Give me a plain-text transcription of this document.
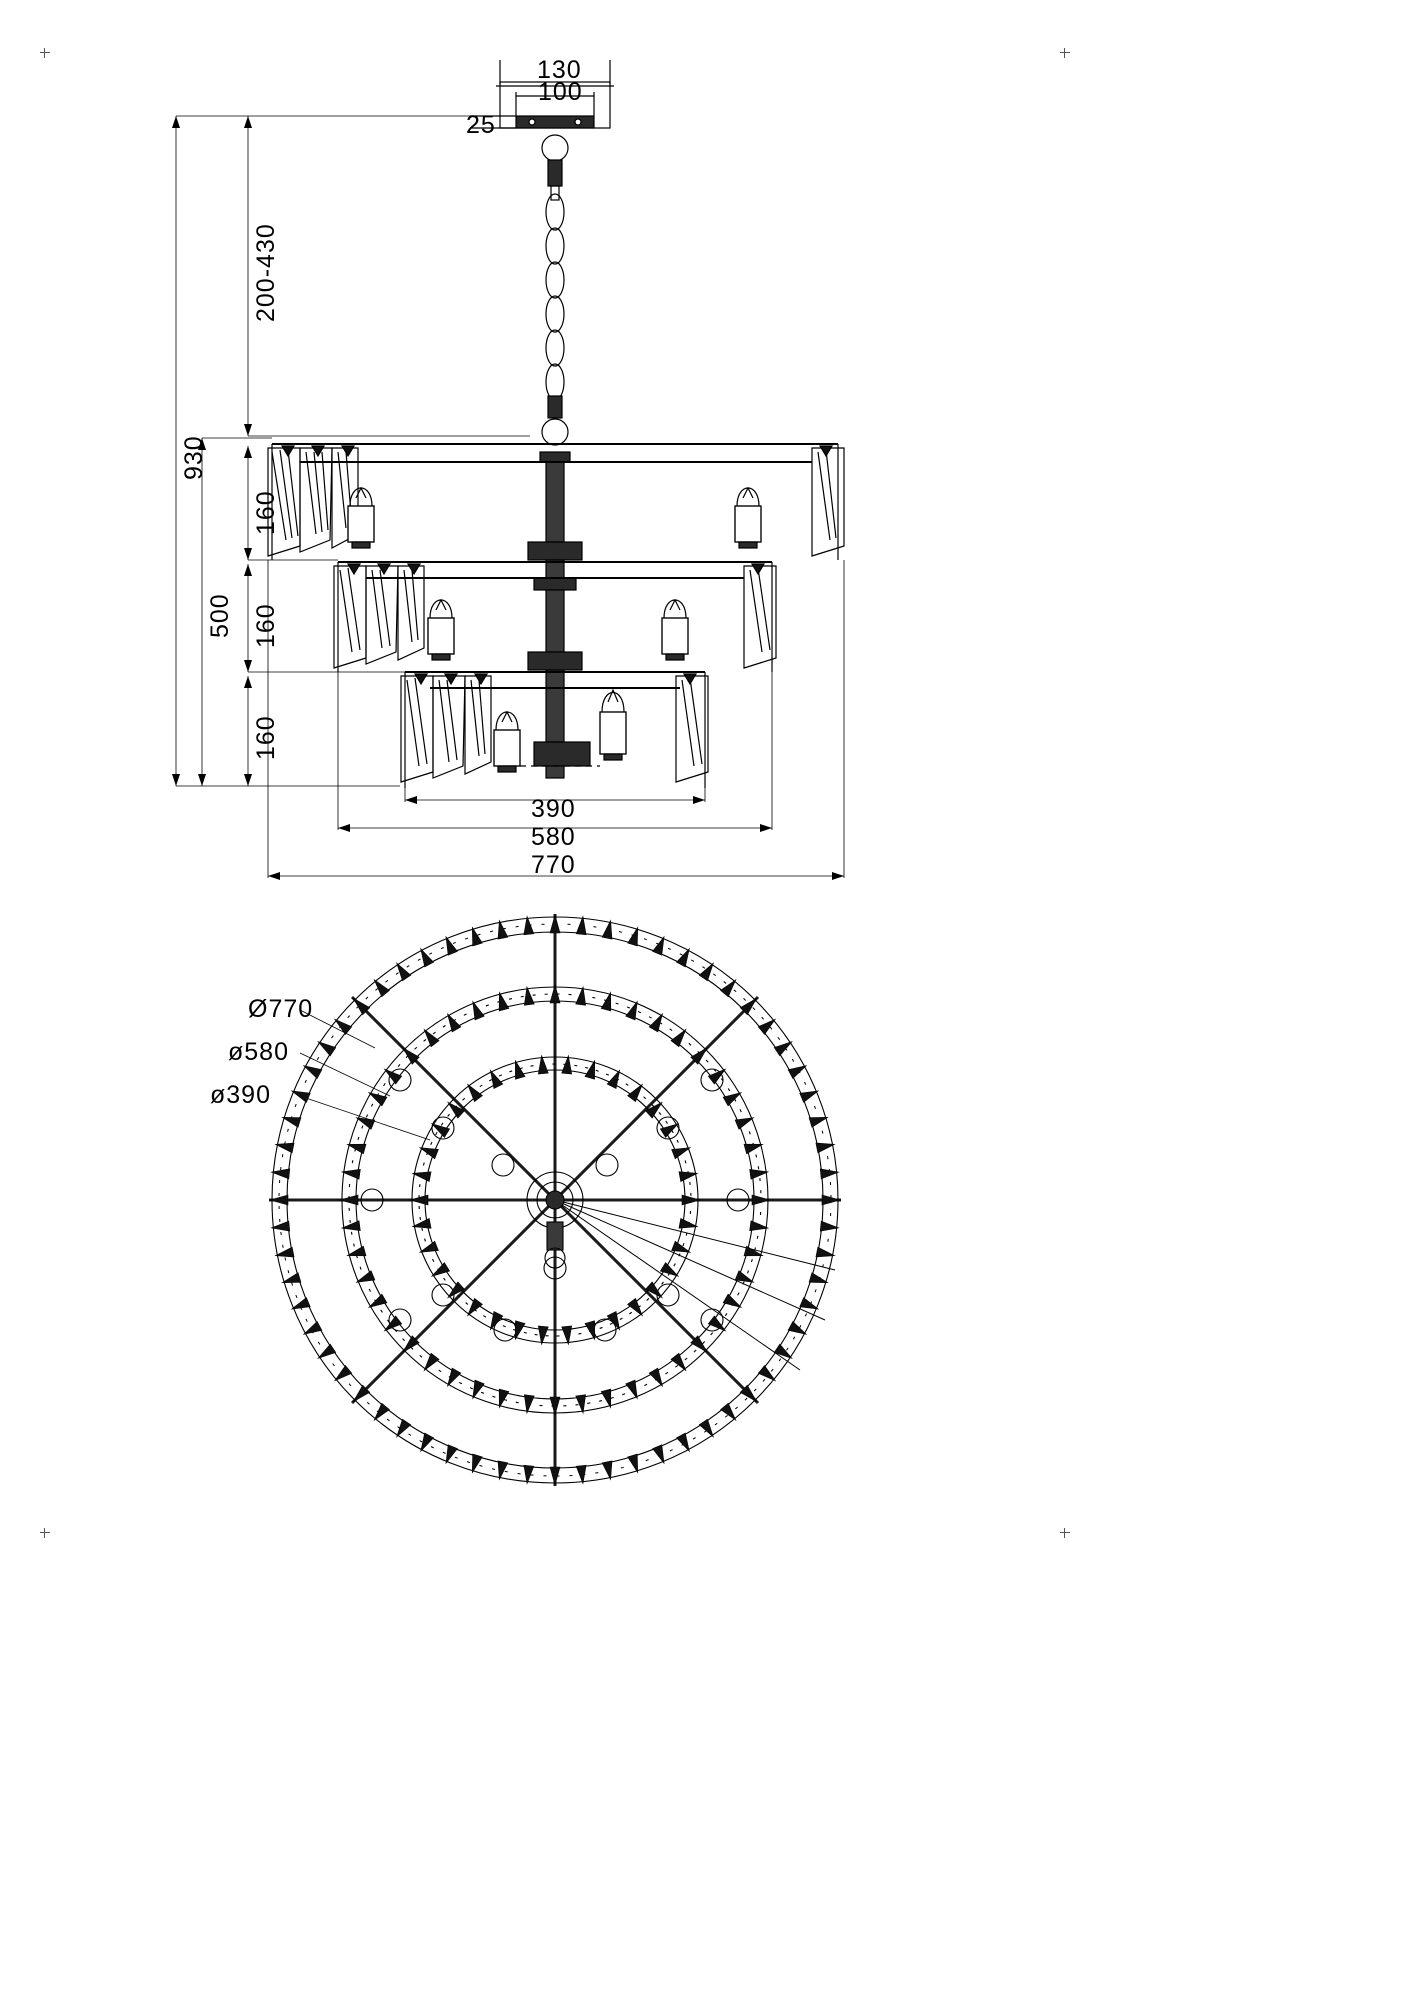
130
100
25
200-430
930
500
160
160
160
390
580
770
Ø770
ø580
ø390
